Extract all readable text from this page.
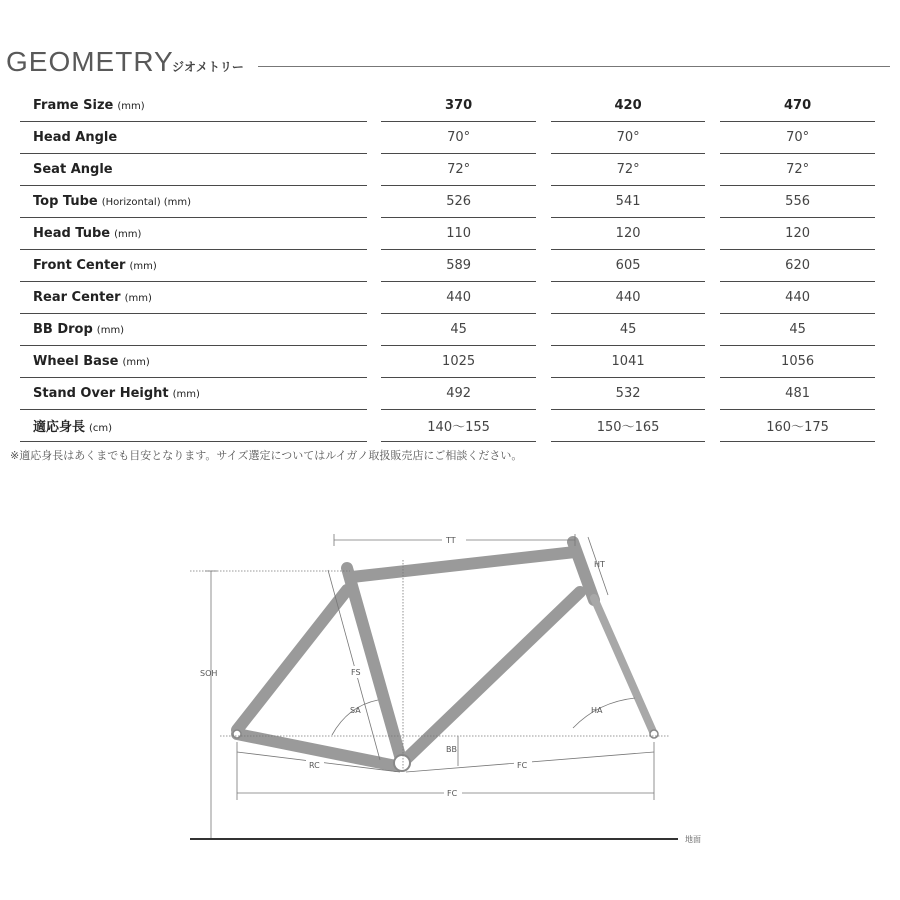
GEOMETRY
ジオメトリー
Frame Size (mm)		370		420		470
Head Angle		70°		70°		70°
Seat Angle		72°		72°		72°
Top Tube (Horizontal) (mm)		526		541		556
Head Tube (mm)		110		120		120
Front Center (mm)		589		605		620
Rear Center (mm)		440		440		440
BB Drop (mm)		45		45		45
Wheel Base (mm)		1025		1041		1056
Stand Over Height (mm)		492		532		481
適応身長 (cm)		140〜155		150〜165		160〜175
※適応身長はあくまでも目安となります。サイズ選定についてはルイガノ取扱販売店にご相談ください。
TT
HT
SOH	FS
SA	HA
BB
RC	FC
FC
地面
